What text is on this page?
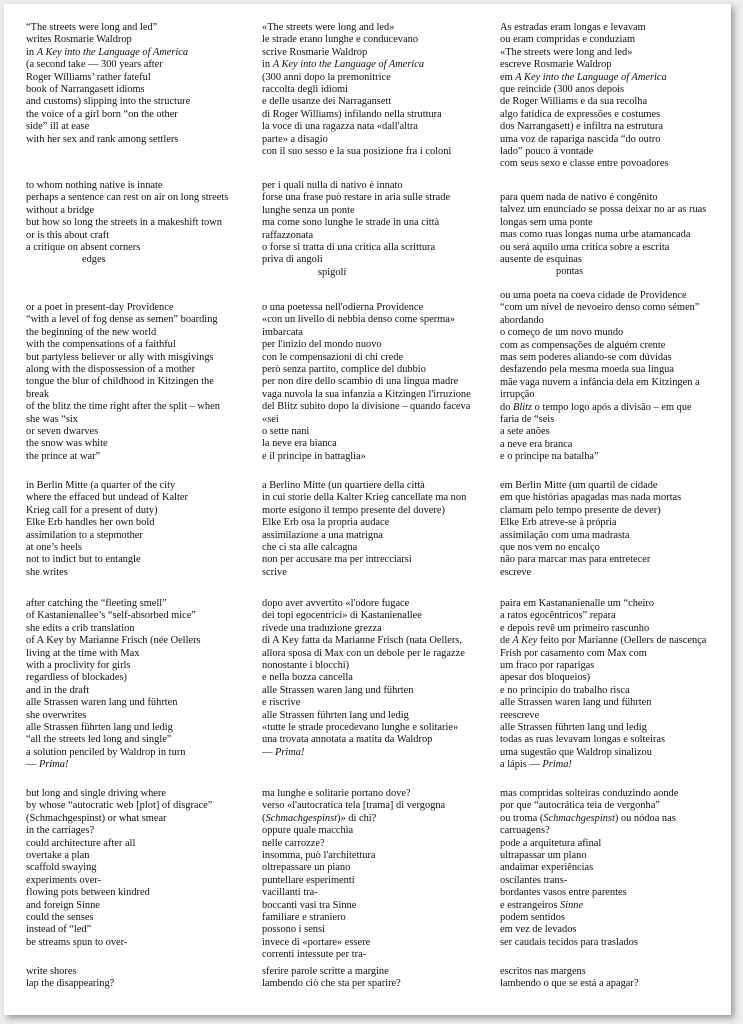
“The streets were long and led”
writes Rosmarie Waldrop
in A Key into the Language of America
(a second take — 300 years after
Roger Williams’ rather fateful
book of Narrangasett idioms
and customs) slipping into the structure
the voice of a girl born “on the other
side” ill at ease
with her sex and rank among settlers
to whom nothing native is innate
perhaps a sentence can rest on air on long streets
without a bridge
but how so long the streets in a makeshift town
or is this about craft
a critique on absent corners
edges
or a poet in present-day Providence
“with a level of fog dense as semen” boarding
the beginning of the new world
with the compensations of a faithful
but partyless believer or ally with misgivings
along with the dispossession of a mother
tongue the blur of childhood in Kitzingen the
break
of the blitz the time right after the split – when
she was “six
or seven dwarves
the snow was white
the prince at war”
in Berlin Mitte (a quarter of the city
where the effaced but undead of Kalter
Krieg call for a present of duty)
Elke Erb handles her own bold
assimilation to a stepmother
at one’s heels
not to indict but to entangle
she writes
after catching the “fleeting smell”
of Kastanienallee’s “self-absorbed mice”
she edits a crib translation
of A Key by Marianne Frisch (née Oellers
living at the time with Max
with a proclivity for girls
regardless of blockades)
and in the draft
alle Strassen waren lang und führten
she overwrites
alle Strassen führten lang und ledig
“all the streets led long and single”
a solution penciled by Waldrop in turn
— Prima!
but long and single driving where
by whose “autocratic web [plot] of disgrace”
(Schmachgespinst) or what smear
in the carriages?
could architecture after all
overtake a plan
scaffold swaying
experiments over-
flowing pots between kindred
and foreign Sinne
could the senses
instead of “led”
be streams spun to over-
write shores
lap the disappearing?
«The streets were long and led»
le strade erano lunghe e conducevano
scrive Rosmarie Waldrop
in A Key into the Language of America
(300 anni dopo la premonitrice
raccolta degli idiomi
e delle usanze dei Narragansett
di Roger Williams) infilando nella struttura
la voce di una ragazza nata «dall'altra
parte» a disagio
con il suo sesso e la sua posizione fra i coloni
per i quali nulla di nativo è innato
forse una frase può restare in aria sulle strade
lunghe senza un ponte
ma come sono lunghe le strade in una città
raffazzonata
o forse si tratta di una critica alla scrittura
priva di angoli
spigoli
o una poetessa nell'odierna Providence
«con un livello di nebbia denso come sperma»
imbarcata
per l'inizio del mondo nuovo
con le compensazioni di chi crede
però senza partito, complice del dubbio
per non dire dello scambio di una lingua madre
vaga nuvola la sua infanzia a Kitzingen l'irruzione
del Blitz subito dopo la divisione – quando faceva
«sei
o sette nani
la neve era bianca
e il principe in battaglia»
a Berlino Mitte (un quartiere della città
in cui storie della Kalter Krieg cancellate ma non
morte esigono il tempo presente del dovere)
Elke Erb osa la propria audace
assimilazione a una matrigna
che ci sta alle calcagna
non per accusare ma per intrecciarsi
scrive
dopo aver avvertito «l'odore fugace
dei topi egocentrici» di Kastanienallee
rivede una traduzione grezza
di A Key fatta da Marianne Frisch (nata Oellers,
allora sposa di Max con un debole per le ragazze
nonostante i blocchi)
e nella bozza cancella
alle Strassen waren lang und führten
e riscrive
alle Strassen führten lang und ledig
«tutte le strade procedevano lunghe e solitarie»
una trovata annotata a matita da Waldrop
— Prima!
ma lunghe e solitarie portano dove?
verso «l'autocratica tela [trama] di vergogna
(Schmachgespinst)» di chi?
oppure quale macchia
nelle carrozze?
insomma, può l'architettura
oltrepassare un piano
puntellare esperimenti
vacillanti tra-
boccanti vasi tra Sinne
familiare e straniero
possono i sensi
invece di «portare» essere
correnti intessute per tra-
sferire parole scritte a margine
lambendo ciò che sta per sparire?
As estradas eram longas e levavam
ou eram compridas e conduziam
«The streets were long and led»
escreve Rosmarie Waldrop
em A Key into the Language of America
que reincide (300 anos depois
de Roger Williams e da sua recolha
algo fatídica de expressões e costumes
dos Narrangasett) e infiltra na estrutura
uma voz de rapariga nascida “do outro
lado” pouco à vontade
com seus sexo e classe entre povoadores
para quem nada de nativo é congênito
talvez um enunciado se possa deixar no ar as ruas
longas sem uma ponte
mas como ruas longas numa urbe atamancada
ou será aquilo uma crítica sobre a escrita
ausente de esquinas
pontas
ou uma poeta na coeva cidade de Providence
“com um nível de nevoeiro denso como sémen”
abordando
o começo de um novo mundo
com as compensações de alguém crente
mas sem poderes aliando-se com dúvidas
desfazendo pela mesma moeda sua língua
mãe vaga nuvem a infância dela em Kitzingen a
irrupção
do Blitz o tempo logo após a divisão – em que
faria de “seis
a sete anões
a neve era branca
e o príncipe na batalha”
em Berlin Mitte (um quartil de cidade
em que histórias apagadas mas nada mortas
clamam pelo tempo presente de dever)
Elke Erb atreve-se à própria
assimilação com uma madrasta
que nos vem no encalço
não para marcar mas para entretecer
escreve
paira em Kastananienalle um “cheiro
a ratos egocêntricos” repara
e depois revê um primeiro rascunho
de A Key feito por Marianne (Oellers de nascença
Frish por casamento com Max com
um fraco por raparigas
apesar dos bloqueios)
e no princípio do trabalho risca
alle Strassen waren lang und führten
reescreve
alle Strassen führten lang und ledig
todas as ruas levavam longas e solteiras
uma sugestão que Waldrop sinalizou
a lápis — Prima!
mas compridas solteiras conduzindo aonde
por que “autocrática teia de vergonha”
ou troma (Schmachgespinst) ou nódoa nas
carruagens?
pode a arquitetura afinal
ultrapassar um plano
andaimar experiências
oscilantes trans-
bordantes vasos entre parentes
e estrangeiros Sinne
podem sentidos
em vez de levados
ser caudais tecidos para traslados
escritos nas margens
lambendo o que se está a apagar?
